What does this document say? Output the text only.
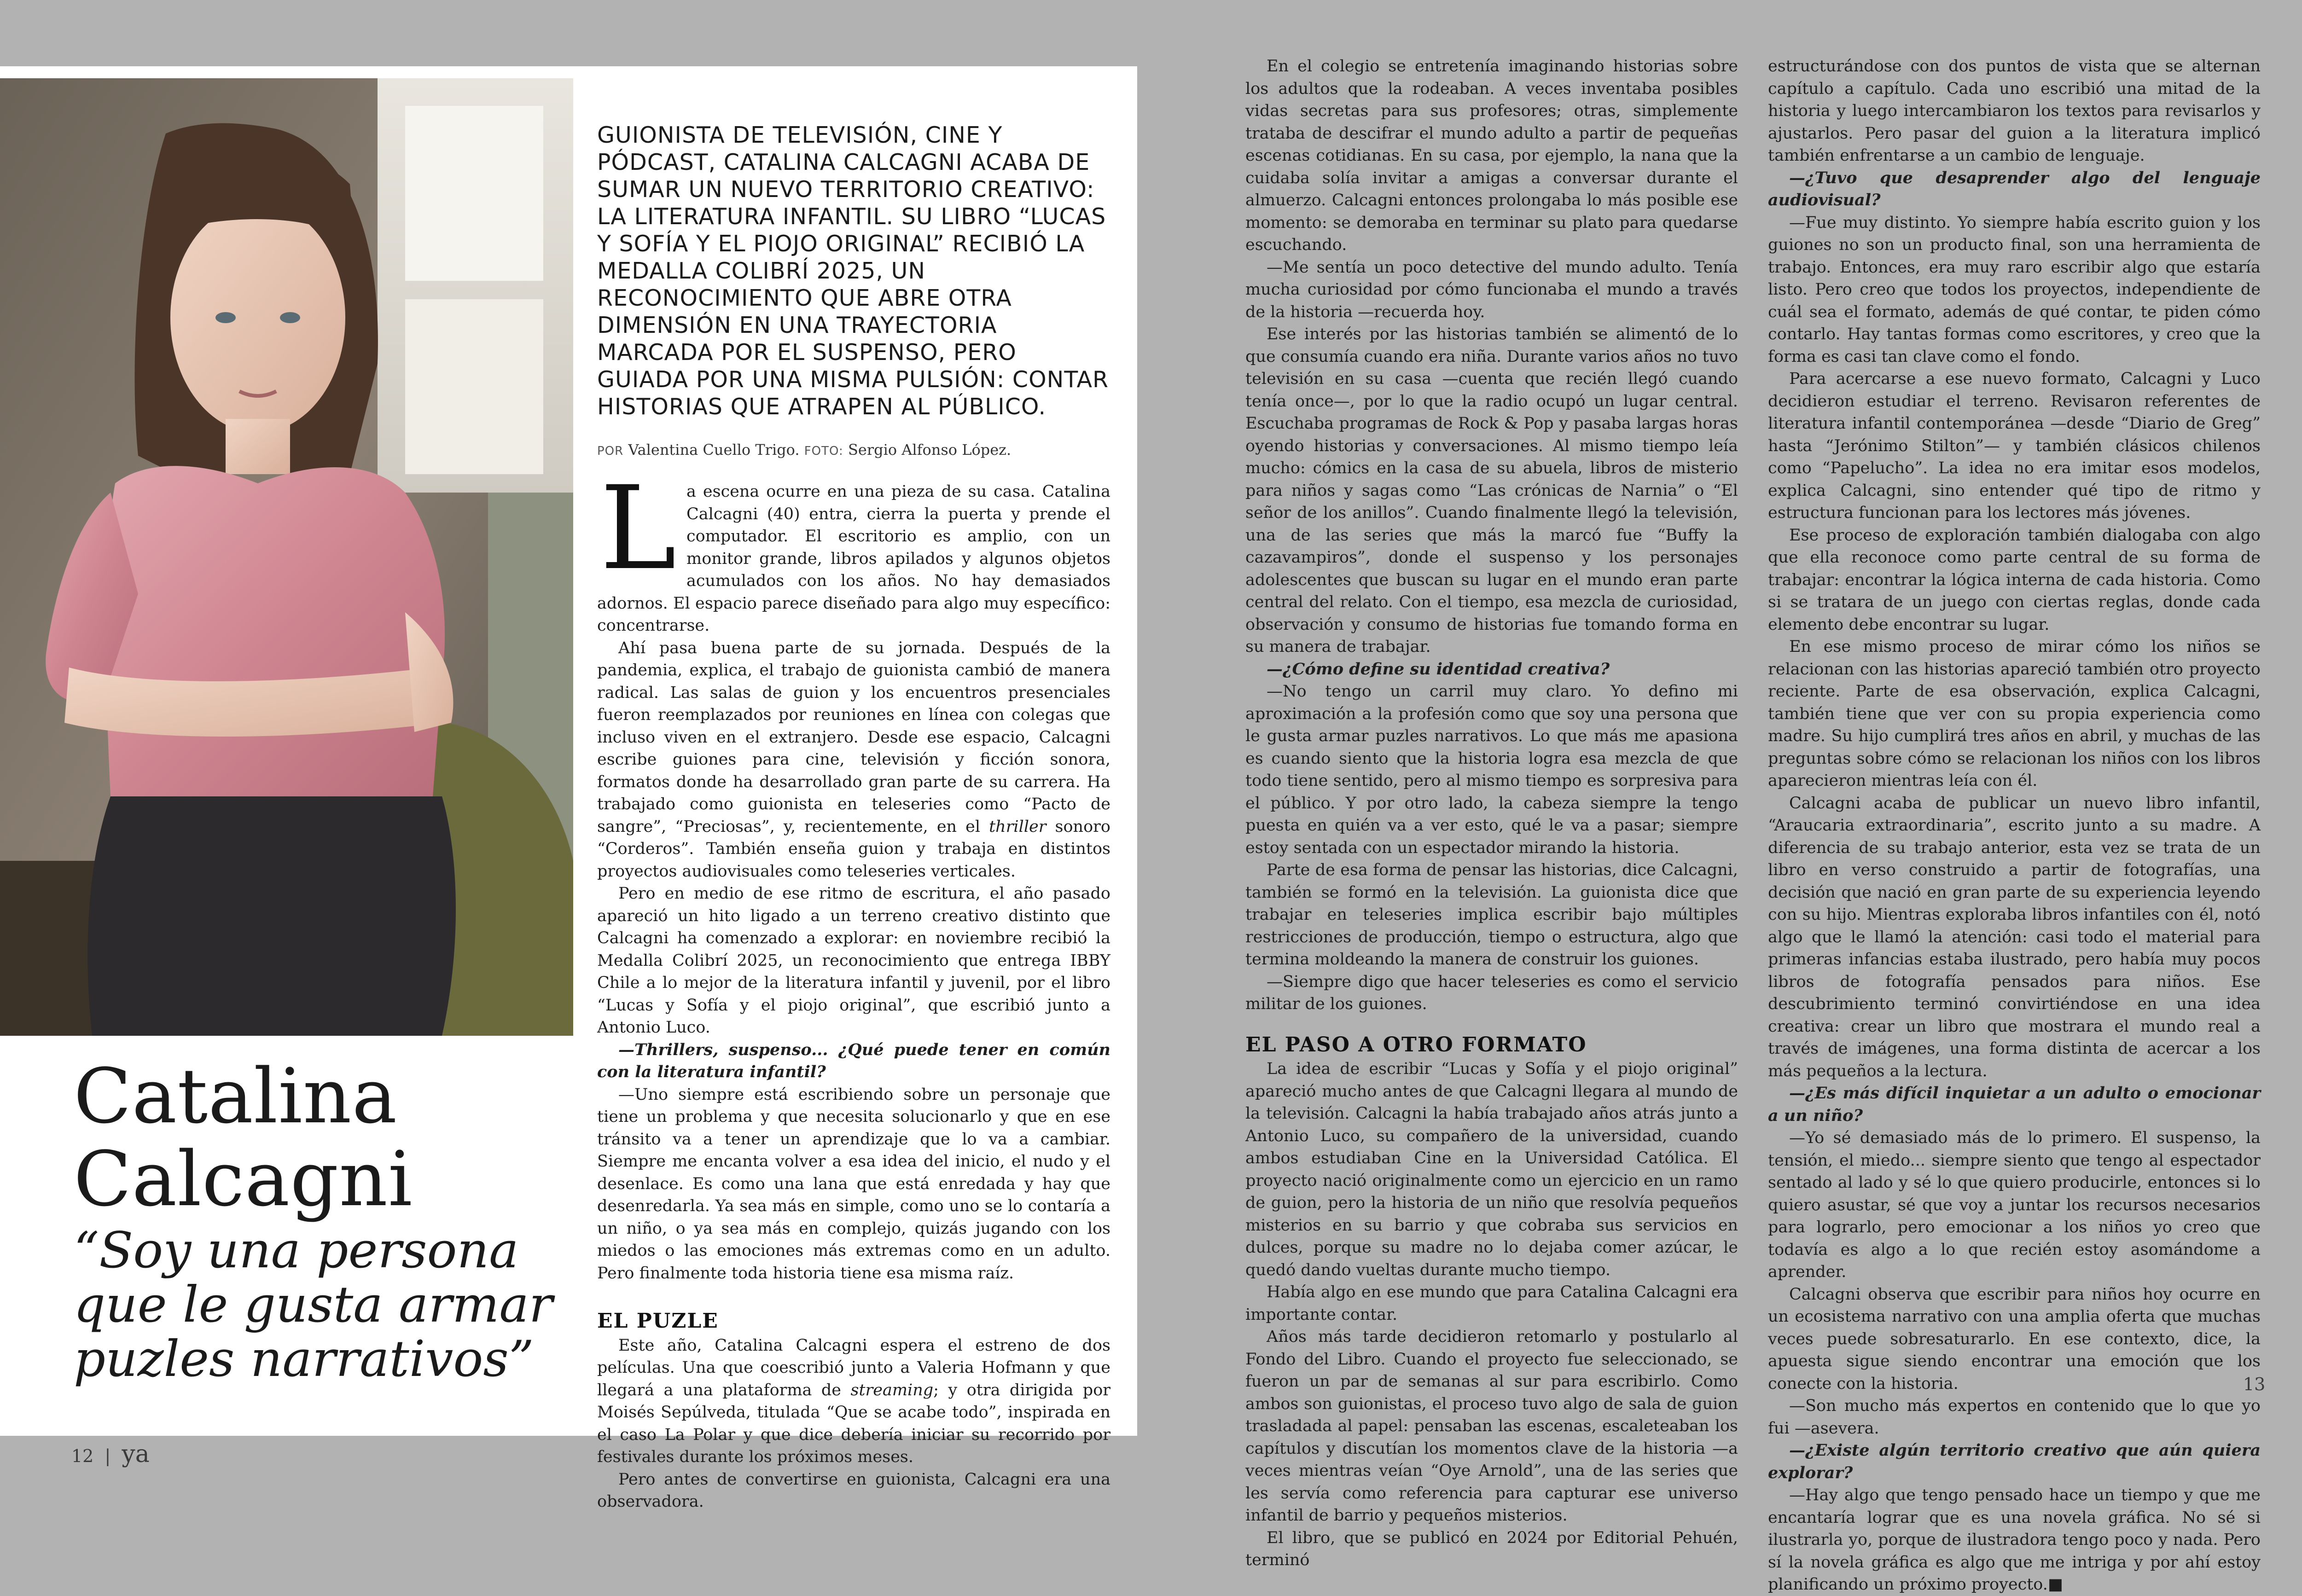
GUIONISTA DE TELEVISIÓN, CINE Y PÓDCAST, CATALINA CALCAGNI ACABA DE SUMAR UN NUEVO TERRITORIO CREATIVO: LA LITERATURA INFANTIL. SU LIBRO “LUCAS Y SOFÍA Y EL PIOJO ORIGINAL” RECIBIÓ LA MEDALLA COLIBRÍ 2025, UN RECONOCIMIENTO QUE ABRE OTRA DIMENSIÓN EN UNA TRAYECTORIA MARCADA POR EL SUSPENSO, PERO GUIADA POR UNA MISMA PULSIÓN: CONTAR HISTORIAS QUE ATRAPEN AL PÚBLICO.
POR Valentina Cuello Trigo. FOTO: Sergio Alfonso López.

La escena ocurre en una pieza de su casa. Catalina Calcagni (40) entra, cierra la puerta y prende el computador. El escritorio es amplio, con un monitor grande, libros apilados y algunos objetos acumulados con los años. No hay demasiados adornos. El espacio parece diseñado para algo muy específico: concentrarse.

Ahí pasa buena parte de su jornada. Después de la pandemia, explica, el trabajo de guionista cambió de manera radical. Las salas de guion y los encuentros presenciales fueron reemplazados por reuniones en línea con colegas que incluso viven en el extranjero. Desde ese espacio, Calcagni escribe guiones para cine, televisión y ficción sonora, formatos donde ha desarrollado gran parte de su carrera. Ha trabajado como guionista en teleseries como “Pacto de sangre”, “Preciosas”, y, recientemente, en el thriller sonoro “Corderos”. También enseña guion y trabaja en distintos proyectos audiovisuales como teleseries verticales.

Pero en medio de ese ritmo de escritura, el año pasado apareció un hito ligado a un terreno creativo distinto que Calcagni ha comenzado a explorar: en noviembre recibió la Medalla Colibrí 2025, un reconocimiento que entrega IBBY Chile a lo mejor de la literatura infantil y juvenil, por el libro “Lucas y Sofía y el piojo original”, que escribió junto a Antonio Luco.

—Thrillers, suspenso... ¿Qué puede tener en común con la literatura infantil?

—Uno siempre está escribiendo sobre un personaje que tiene un problema y que necesita solucionarlo y que en ese tránsito va a tener un aprendizaje que lo va a cambiar. Siempre me encanta volver a esa idea del inicio, el nudo y el desenlace. Es como una lana que está enredada y hay que desenredarla. Ya sea más en simple, como uno se lo contaría a un niño, o ya sea más en complejo, quizás jugando con los miedos o las emociones más extremas como en un adulto. Pero finalmente toda historia tiene esa misma raíz.

EL PUZLE

Este año, Catalina Calcagni espera el estreno de dos películas. Una que coescribió junto a Valeria Hofmann y que llegará a una plataforma de streaming; y otra dirigida por Moisés Sepúlveda, titulada “Que se acabe todo”, inspirada en el caso La Polar y que dice debería iniciar su recorrido por festivales durante los próximos meses.

Pero antes de convertirse en guionista, Calcagni era una observadora.

Catalina
Calcagni
“Soy una persona que le gusta armar puzles narrativos”
12 | ya

En el colegio se entretenía imaginando historias sobre los adultos que la rodeaban. A veces inventaba posibles vidas secretas para sus profesores; otras, simplemente trataba de descifrar el mundo adulto a partir de pequeñas escenas cotidianas. En su casa, por ejemplo, la nana que la cuidaba solía invitar a amigas a conversar durante el almuerzo. Calcagni entonces prolongaba lo más posible ese momento: se demoraba en terminar su plato para quedarse escuchando.

—Me sentía un poco detective del mundo adulto. Tenía mucha curiosidad por cómo funcionaba el mundo a través de la historia —recuerda hoy.

Ese interés por las historias también se alimentó de lo que consumía cuando era niña. Durante varios años no tuvo televisión en su casa —cuenta que recién llegó cuando tenía once—, por lo que la radio ocupó un lugar central. Escuchaba programas de Rock & Pop y pasaba largas horas oyendo historias y conversaciones. Al mismo tiempo leía mucho: cómics en la casa de su abuela, libros de misterio para niños y sagas como “Las crónicas de Narnia” o “El señor de los anillos”. Cuando finalmente llegó la televisión, una de las series que más la marcó fue “Buffy la cazavampiros”, donde el suspenso y los personajes adolescentes que buscan su lugar en el mundo eran parte central del relato. Con el tiempo, esa mezcla de curiosidad, observación y consumo de historias fue tomando forma en su manera de trabajar.

—¿Cómo define su identidad creativa?

—No tengo un carril muy claro. Yo defino mi aproximación a la profesión como que soy una persona que le gusta armar puzles narrativos. Lo que más me apasiona es cuando siento que la historia logra esa mezcla de que todo tiene sentido, pero al mismo tiempo es sorpresiva para el público. Y por otro lado, la cabeza siempre la tengo puesta en quién va a ver esto, qué le va a pasar; siempre estoy sentada con un espectador mirando la historia.

Parte de esa forma de pensar las historias, dice Calcagni, también se formó en la televisión. La guionista dice que trabajar en teleseries implica escribir bajo múltiples restricciones de producción, tiempo o estructura, algo que termina moldeando la manera de construir los guiones.

—Siempre digo que hacer teleseries es como el servicio militar de los guiones.

EL PASO A OTRO FORMATO

La idea de escribir “Lucas y Sofía y el piojo original” apareció mucho antes de que Calcagni llegara al mundo de la televisión. Calcagni la había trabajado años atrás junto a Antonio Luco, su compañero de la universidad, cuando ambos estudiaban Cine en la Universidad Católica. El proyecto nació originalmente como un ejercicio en un ramo de guion, pero la historia de un niño que resolvía pequeños misterios en su barrio y que cobraba sus servicios en dulces, porque su madre no lo dejaba comer azúcar, le quedó dando vueltas durante mucho tiempo.

Había algo en ese mundo que para Catalina Calcagni era importante contar.

Años más tarde decidieron retomarlo y postularlo al Fondo del Libro. Cuando el proyecto fue seleccionado, se fueron un par de semanas al sur para escribirlo. Como ambos son guionistas, el proceso tuvo algo de sala de guion trasladada al papel: pensaban las escenas, escaleteaban los capítulos y discutían los momentos clave de la historia —a veces mientras veían “Oye Arnold”, una de las series que les servía como referencia para capturar ese universo infantil de barrio y pequeños misterios.

El libro, que se publicó en 2024 por Editorial Pehuén, terminó

estructurándose con dos puntos de vista que se alternan capítulo a capítulo. Cada uno escribió una mitad de la historia y luego intercambiaron los textos para revisarlos y ajustarlos. Pero pasar del guion a la literatura implicó también enfrentarse a un cambio de lenguaje.

—¿Tuvo que desaprender algo del lenguaje audiovisual?

—Fue muy distinto. Yo siempre había escrito guion y los guiones no son un producto final, son una herramienta de trabajo. Entonces, era muy raro escribir algo que estaría listo. Pero creo que todos los proyectos, independiente de cuál sea el formato, además de qué contar, te piden cómo contarlo. Hay tantas formas como escritores, y creo que la forma es casi tan clave como el fondo.

Para acercarse a ese nuevo formato, Calcagni y Luco decidieron estudiar el terreno. Revisaron referentes de literatura infantil contemporánea —desde “Diario de Greg” hasta “Jerónimo Stilton”— y también clásicos chilenos como “Papelucho”. La idea no era imitar esos modelos, explica Calcagni, sino entender qué tipo de ritmo y estructura funcionan para los lectores más jóvenes.

Ese proceso de exploración también dialogaba con algo que ella reconoce como parte central de su forma de trabajar: encontrar la lógica interna de cada historia. Como si se tratara de un juego con ciertas reglas, donde cada elemento debe encontrar su lugar.

En ese mismo proceso de mirar cómo los niños se relacionan con las historias apareció también otro proyecto reciente. Parte de esa observación, explica Calcagni, también tiene que ver con su propia experiencia como madre. Su hijo cumplirá tres años en abril, y muchas de las preguntas sobre cómo se relacionan los niños con los libros aparecieron mientras leía con él.

Calcagni acaba de publicar un nuevo libro infantil, “Araucaria extraordinaria”, escrito junto a su madre. A diferencia de su trabajo anterior, esta vez se trata de un libro en verso construido a partir de fotografías, una decisión que nació en gran parte de su experiencia leyendo con su hijo. Mientras exploraba libros infantiles con él, notó algo que le llamó la atención: casi todo el material para primeras infancias estaba ilustrado, pero había muy pocos libros de fotografía pensados para niños. Ese descubrimiento terminó convirtiéndose en una idea creativa: crear un libro que mostrara el mundo real a través de imágenes, una forma distinta de acercar a los más pequeños a la lectura.

—¿Es más difícil inquietar a un adulto o emocionar a un niño?

—Yo sé demasiado más de lo primero. El suspenso, la tensión, el miedo... siempre siento que tengo al espectador sentado al lado y sé lo que quiero producirle, entonces si lo quiero asustar, sé que voy a juntar los recursos necesarios para lograrlo, pero emocionar a los niños yo creo que todavía es algo a lo que recién estoy asomándome a aprender.

Calcagni observa que escribir para niños hoy ocurre en un ecosistema narrativo con una amplia oferta que muchas veces puede sobresaturarlo. En ese contexto, dice, la apuesta sigue siendo encontrar una emoción que los conecte con la historia.

—Son mucho más expertos en contenido que lo que yo fui —asevera.

—¿Existe algún territorio creativo que aún quiera explorar?

—Hay algo que tengo pensado hace un tiempo y que me encantaría lograr que es una novela gráfica. No sé si ilustrarla yo, porque de ilustradora tengo poco y nada. Pero sí la novela gráfica es algo que me intriga y por ahí estoy planificando un próximo proyecto.■

13
